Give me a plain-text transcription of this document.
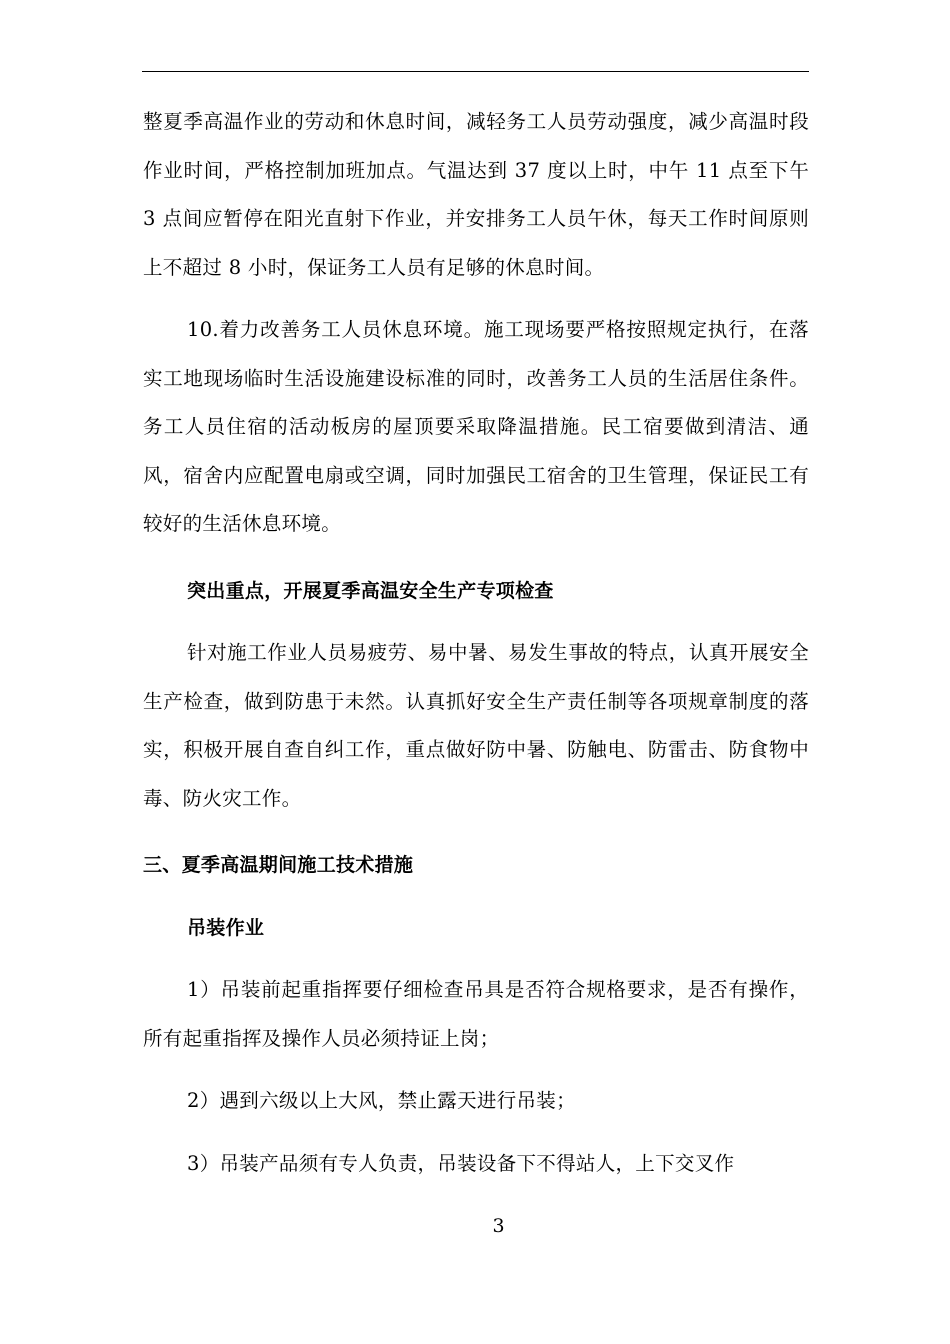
整夏季高温作业的劳动和休息时间，减轻务工人员劳动强度，减少高温时段作业时间，严格控制加班加点。气温达到 37 度以上时，中午 11 点至下午 3 点间应暂停在阳光直射下作业，并安排务工人员午休，每天工作时间原则上不超过 8 小时，保证务工人员有足够的休息时间。

10.着力改善务工人员休息环境。施工现场要严格按照规定执行，在落实工地现场临时生活设施建设标准的同时，改善务工人员的生活居住条件。务工人员住宿的活动板房的屋顶要采取降温措施。民工宿要做到清洁、通风，宿舍内应配置电扇或空调，同时加强民工宿舍的卫生管理，保证民工有较好的生活休息环境。

突出重点，开展夏季高温安全生产专项检查

针对施工作业人员易疲劳、易中暑、易发生事故的特点，认真开展安全生产检查，做到防患于未然。认真抓好安全生产责任制等各项规章制度的落实，积极开展自查自纠工作，重点做好防中暑、防触电、防雷击、防食物中毒、防火灾工作。

三、夏季高温期间施工技术措施

吊装作业

1）吊装前起重指挥要仔细检查吊具是否符合规格要求，是否有操作，所有起重指挥及操作人员必须持证上岗；

2）遇到六级以上大风，禁止露天进行吊装；

3）吊装产品须有专人负责，吊装设备下不得站人，上下交叉作

3
